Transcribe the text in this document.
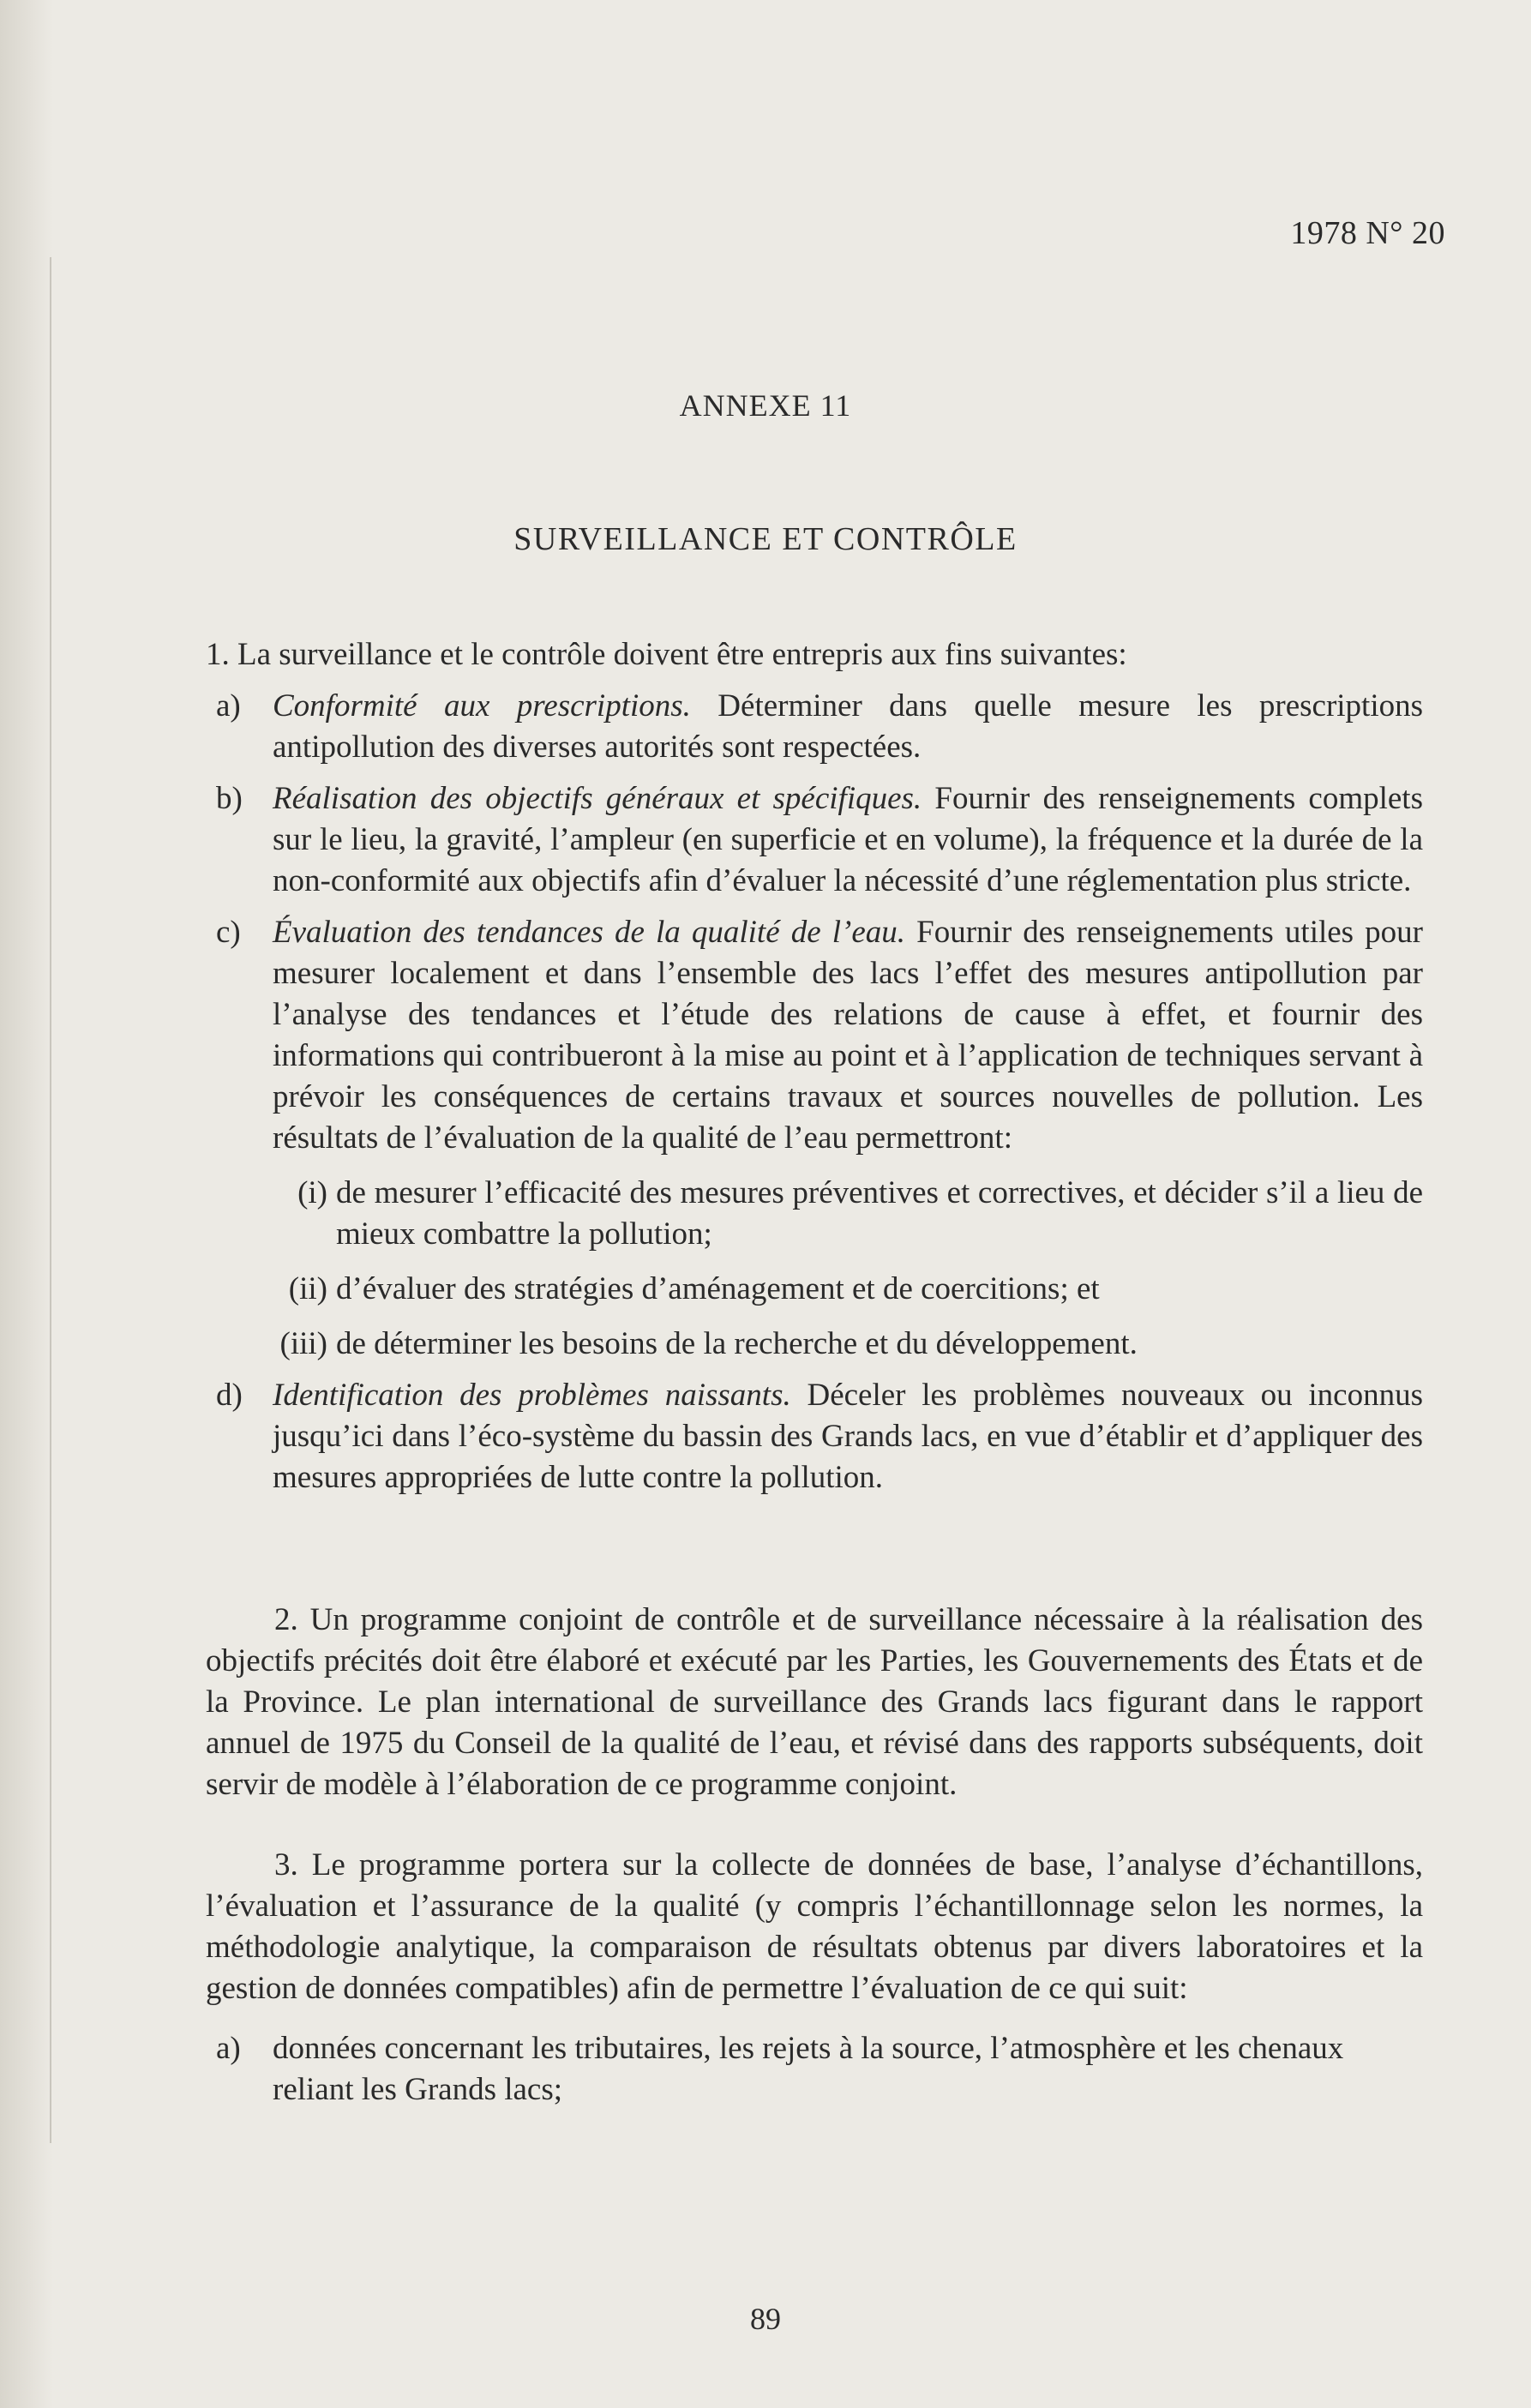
1978 N° 20
ANNEXE 11
SURVEILLANCE ET CONTRÔLE

1. La surveillance et le contrôle doivent être entrepris aux fins suivantes:

a) Conformité aux prescriptions. Déterminer dans quelle mesure les prescriptions antipollution des diverses autorités sont respectées.

b) Réalisation des objectifs généraux et spécifiques. Fournir des renseignements complets sur le lieu, la gravité, l’ampleur (en superficie et en volume), la fréquence et la durée de la non-conformité aux objectifs afin d’évaluer la nécessité d’une réglementation plus stricte.

c) Évaluation des tendances de la qualité de l’eau. Fournir des renseignements utiles pour mesurer localement et dans l’ensemble des lacs l’effet des mesures antipollution par l’analyse des tendances et l’étude des relations de cause à effet, et fournir des informations qui contribueront à la mise au point et à l’application de techniques servant à prévoir les conséquences de certains travaux et sources nouvelles de pollution. Les résultats de l’évaluation de la qualité de l’eau permettront:

(i) de mesurer l’efficacité des mesures préventives et correctives, et décider s’il a lieu de mieux combattre la pollution;

(ii) d’évaluer des stratégies d’aménagement et de coercitions; et

(iii) de déterminer les besoins de la recherche et du développement.

d) Identification des problèmes naissants. Déceler les problèmes nouveaux ou inconnus jusqu’ici dans l’éco-système du bassin des Grands lacs, en vue d’établir et d’appliquer des mesures appropriées de lutte contre la pollution.

2. Un programme conjoint de contrôle et de surveillance nécessaire à la réalisation des objectifs précités doit être élaboré et exécuté par les Parties, les Gouvernements des États et de la Province. Le plan international de surveillance des Grands lacs figurant dans le rapport annuel de 1975 du Conseil de la qualité de l’eau, et révisé dans des rapports subséquents, doit servir de modèle à l’élaboration de ce programme conjoint.

3. Le programme portera sur la collecte de données de base, l’analyse d’échantillons, l’évaluation et l’assurance de la qualité (y compris l’échantillonnage selon les normes, la méthodologie analytique, la comparaison de résultats obtenus par divers laboratoires et la gestion de données compatibles) afin de permettre l’évaluation de ce qui suit:

a) données concernant les tributaires, les rejets à la source, l’atmosphère et les chenaux reliant les Grands lacs;

89
